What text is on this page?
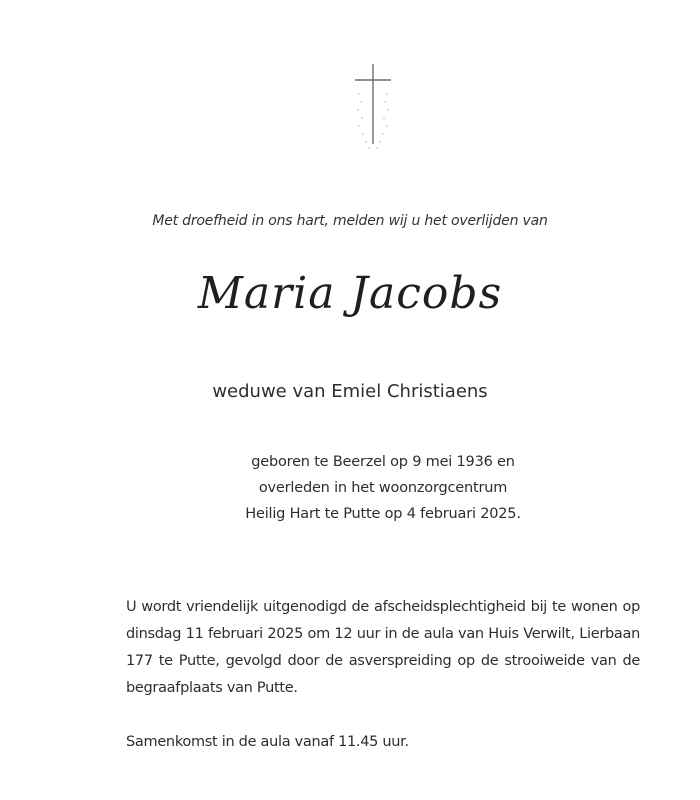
Met droefheid in ons hart, melden wij u het overlijden van
Maria Jacobs
weduwe van Emiel Christiaens
geboren te Beerzel op 9 mei 1936 en
overleden in het woonzorgcentrum
Heilig Hart te Putte op 4 februari 2025.
U wordt vriendelijk uitgenodigd de afscheidsplechtigheid bij te wonen op dinsdag 11 februari 2025 om 12 uur in de aula van Huis Verwilt, Lierbaan 177 te Putte, gevolgd door de asverspreiding op de strooiweide van de begraafplaats van Putte.
Samenkomst in de aula vanaf 11.45 uur.
